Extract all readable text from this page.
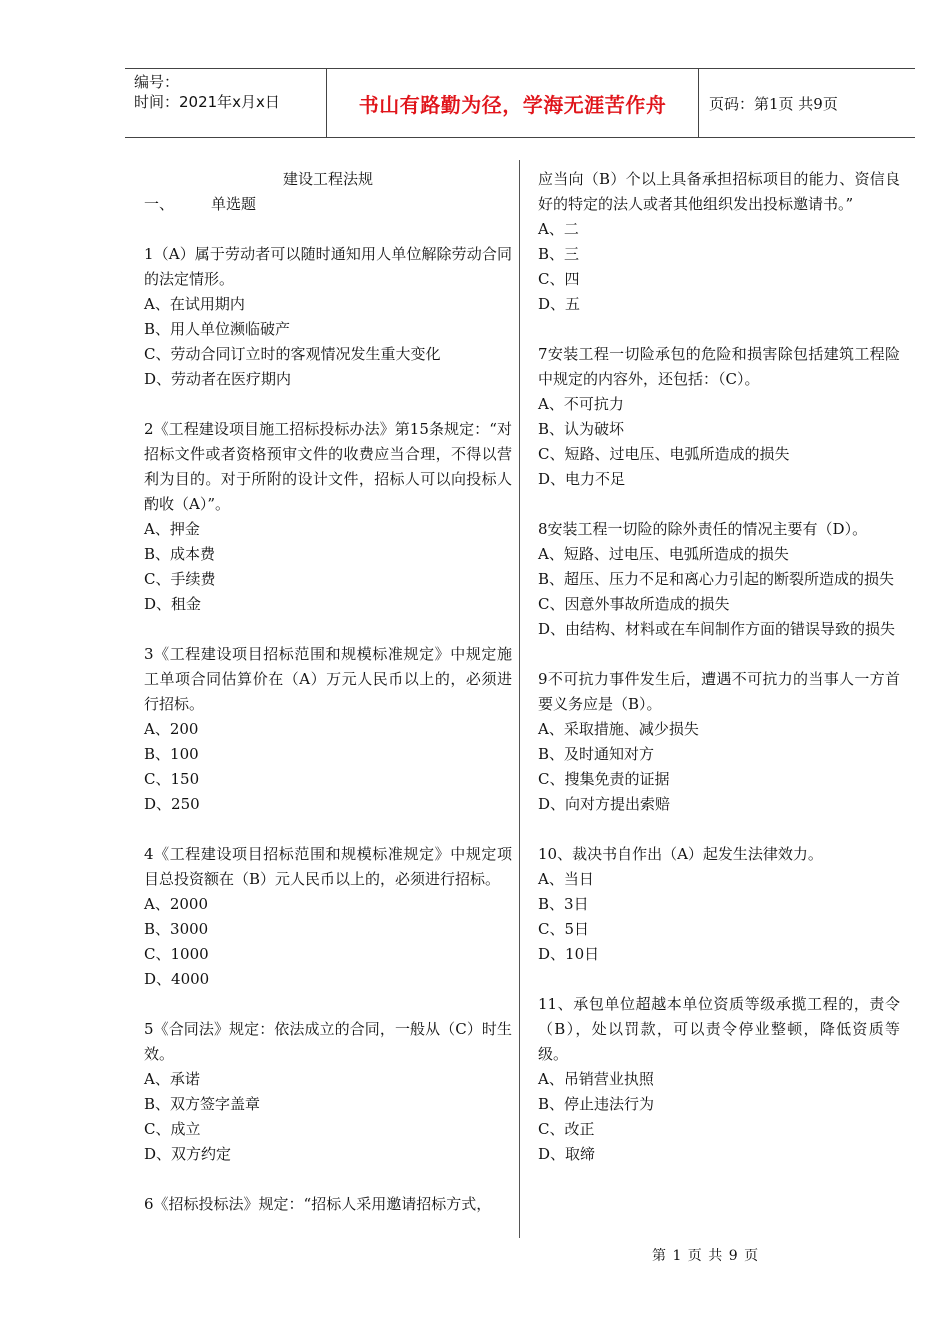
编号：
时间：2021年x月x日	书山有路勤为径，学海无涯苦作舟	页码：第1页 共9页
建设工程法规
一、	单选题
1（A）属于劳动者可以随时通知用人单位解除劳动合同的法定情形。
A、在试用期内
B、用人单位濒临破产
C、劳动合同订立时的客观情况发生重大变化
D、劳动者在医疗期内
2《工程建设项目施工招标投标办法》第15条规定：“对招标文件或者资格预审文件的收费应当合理，不得以营利为目的。对于所附的设计文件，招标人可以向投标人酌收（A）”。
A、押金
B、成本费
C、手续费
D、租金
3《工程建设项目招标范围和规模标准规定》中规定施工单项合同估算价在（A）万元人民币以上的，必须进行招标。
A、200
B、100
C、150
D、250
4《工程建设项目招标范围和规模标准规定》中规定项目总投资额在（B）元人民币以上的，必须进行招标。
A、2000
B、3000
C、1000
D、4000
5《合同法》规定：依法成立的合同，一般从（C）时生效。
A、承诺
B、双方签字盖章
C、成立
D、双方约定
6《招标投标法》规定：“招标人采用邀请招标方式，
应当向（B）个以上具备承担招标项目的能力、资信良好的特定的法人或者其他组织发出投标邀请书。”
A、二
B、三
C、四
D、五
7安装工程一切险承包的危险和损害除包括建筑工程险中规定的内容外，还包括：（C）。
A、不可抗力
B、认为破坏
C、短路、过电压、电弧所造成的损失
D、电力不足
8安装工程一切险的除外责任的情况主要有（D）。
A、短路、过电压、电弧所造成的损失
B、超压、压力不足和离心力引起的断裂所造成的损失
C、因意外事故所造成的损失
D、由结构、材料或在车间制作方面的错误导致的损失
9不可抗力事件发生后，遭遇不可抗力的当事人一方首要义务应是（B）。
A、采取措施、减少损失
B、及时通知对方
C、搜集免责的证据
D、向对方提出索赔
10、裁决书自作出（A）起发生法律效力。
A、当日
B、3日
C、5日
D、10日
11、承包单位超越本单位资质等级承揽工程的，责令（B），处以罚款，可以责令停业整顿，降低资质等级。
A、吊销营业执照
B、停止违法行为
C、改正
D、取缔
第 1 页 共 9 页
